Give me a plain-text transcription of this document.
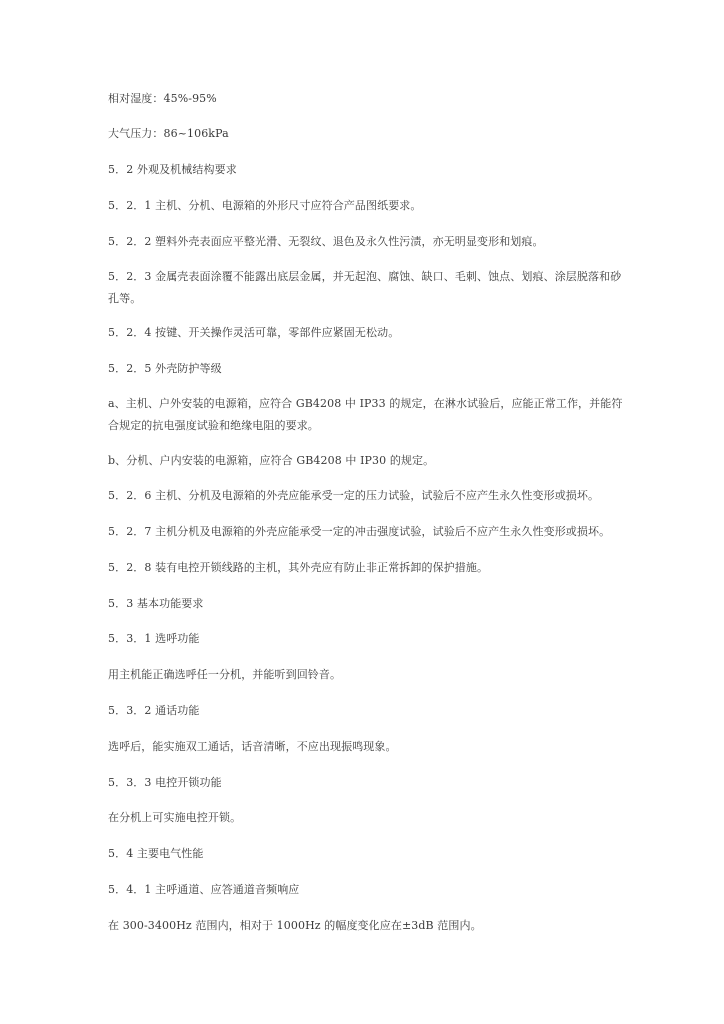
相对湿度：45%-95%

大气压力：86~106kPa

5．2 外观及机械结构要求

5．2．1 主机、分机、电源箱的外形尺寸应符合产品图纸要求。

5．2．2 塑料外壳表面应平整光滑、无裂纹、退色及永久性污渍，亦无明显变形和划痕。

5．2．3 金属壳表面涂覆不能露出底层金属，并无起泡、腐蚀、缺口、毛刺、蚀点、划痕、涂层脱落和砂孔等。

5．2．4 按键、开关操作灵活可靠，零部件应紧固无松动。

5．2．5 外壳防护等级

a、主机、户外安装的电源箱，应符合 GB4208 中 IP33 的规定，在淋水试验后，应能正常工作，并能符合规定的抗电强度试验和绝缘电阻的要求。

b、分机、户内安装的电源箱，应符合 GB4208 中 IP30 的规定。

5．2．6 主机、分机及电源箱的外壳应能承受一定的压力试验，试验后不应产生永久性变形或损坏。

5．2．7 主机分机及电源箱的外壳应能承受一定的冲击强度试验，试验后不应产生永久性变形或损坏。

5．2．8 装有电控开锁线路的主机，其外壳应有防止非正常拆卸的保护措施。

5．3 基本功能要求

5．3．1 选呼功能

用主机能正确选呼任一分机，并能听到回铃音。

5．3．2 通话功能

选呼后，能实施双工通话，话音清晰，不应出现振鸣现象。

5．3．3 电控开锁功能

在分机上可实施电控开锁。

5．4 主要电气性能

5．4．1 主呼通道、应答通道音频响应

在 300-3400Hz 范围内，相对于 1000Hz 的幅度变化应在±3dB 范围内。
